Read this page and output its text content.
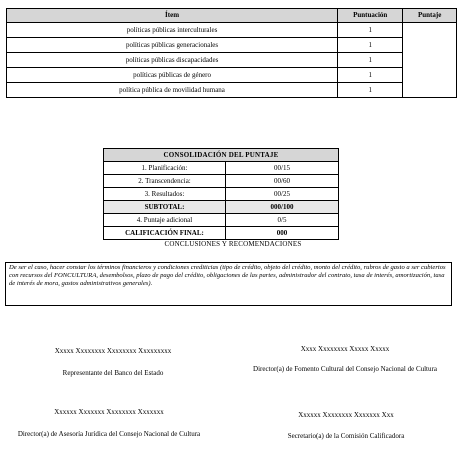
Ítem	Puntuación	Puntaje
políticas públicas interculturales	1	
políticas públicas generacionales	1	
políticas públicas discapacidades	1	
políticas públicas de género	1	
política pública de movilidad humana	1	
CONSOLIDACIÓN DEL PUNTAJE	
1. Planificación:	00/15
2. Transcendencia:	00/60
3. Resultados:	00/25
SUBTOTAL:	000/100
4. Puntaje adicional	0/5
CALIFICACIÓN FINAL:	000
CONCLUSIONES Y RECOMENDACIONES
De ser el caso, hacer constar los términos financieros y condiciones crediticias (tipo de crédito, objeto del crédito, monto del crédito, rubros de gasto a ser cubiertos con recursos del FONCULTURA, desembolsos, plazo de pago del crédito, obligaciones de las partes, administrador del contrato, tasa de interés, amortización, tasa de interés de mora, gastos administrativos generales).
Xxxxx Xxxxxxxx Xxxxxxxx Xxxxxxxxx
Representante del Banco del Estado
Xxxx Xxxxxxxx Xxxxx Xxxxx
Director(a) de Fomento Cultural del Consejo Nacional de Cultura
Xxxxxx Xxxxxxx Xxxxxxxx Xxxxxxx
Director(a) de Asesoría Jurídica del Consejo Nacional de Cultura
Xxxxxx Xxxxxxxx Xxxxxxx Xxx
Secretario(a) de la Comisión Calificadora
